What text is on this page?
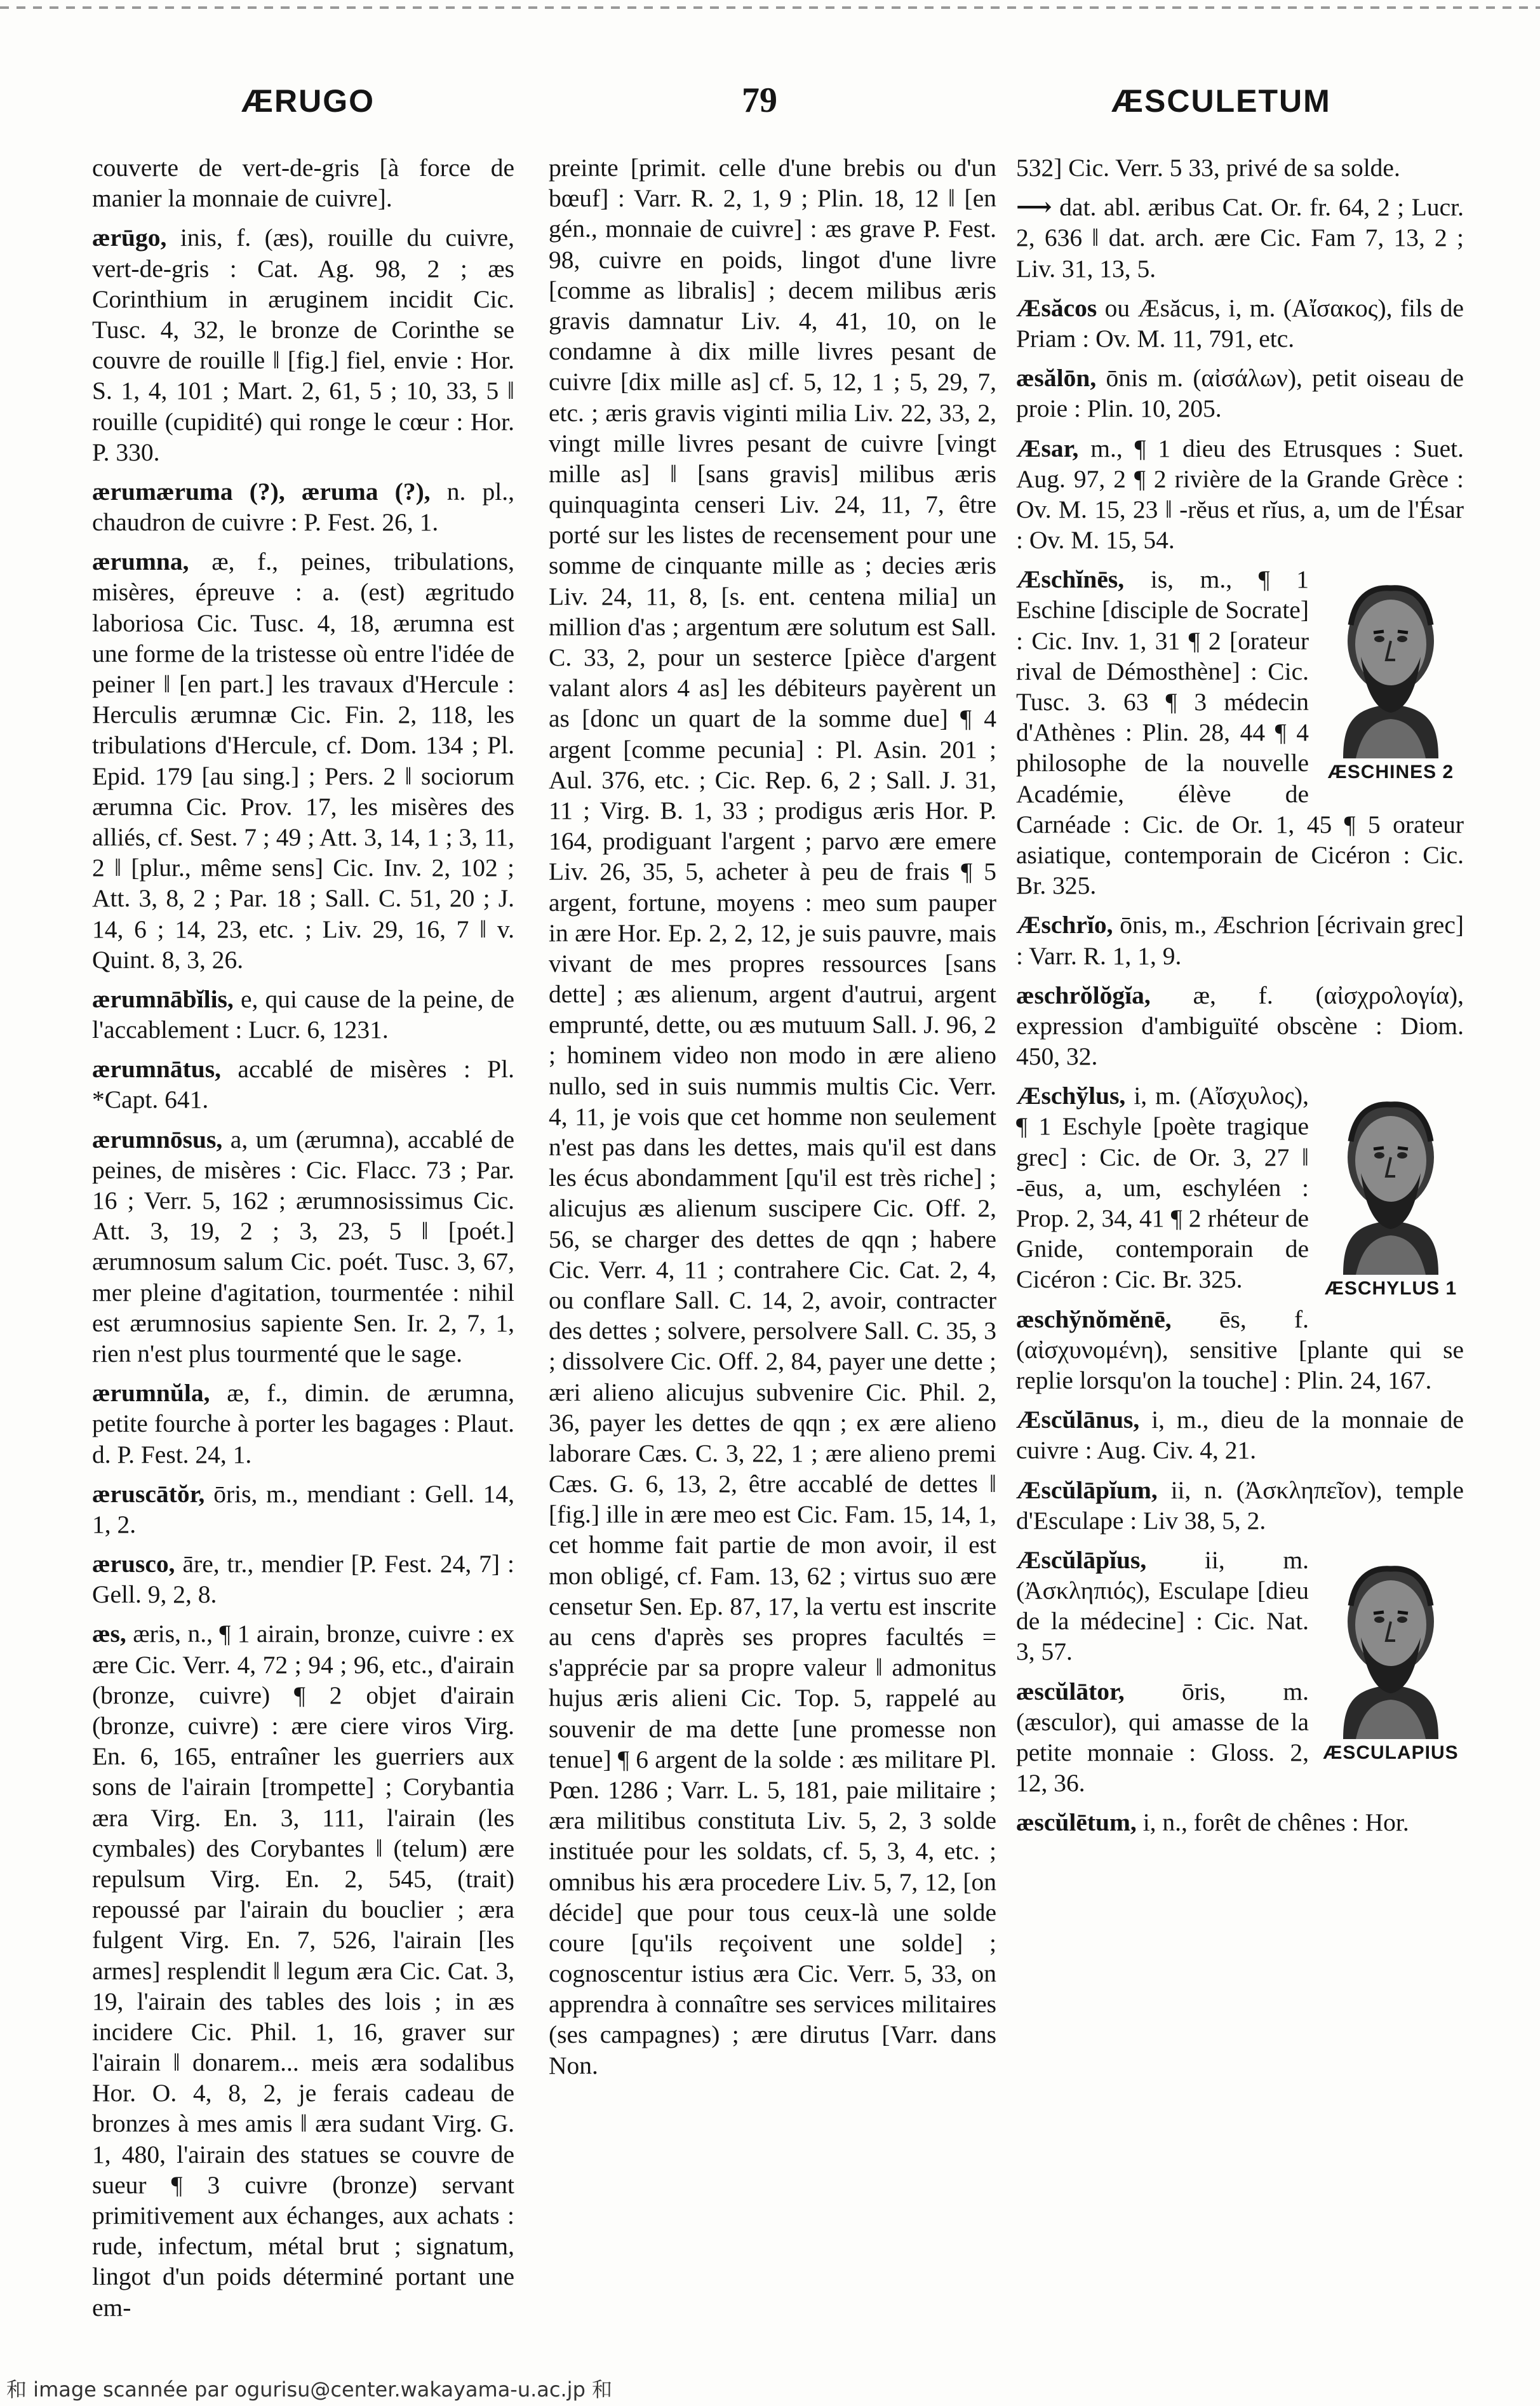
ÆRUGO	79	ÆSCULETUM

couverte de vert-de-gris [à force de manier la monnaie de cuivre].

ærūgo, inis, f. (æs), rouille du cuivre, vert-de-gris : Cat. Ag. 98, 2 ; æs Corinthium in æruginem incidit Cic. Tusc. 4, 32, le bronze de Corinthe se couvre de rouille ‖ [fig.] fiel, envie : Hor. S. 1, 4, 101 ; Mart. 2, 61, 5 ; 10, 33, 5 ‖ rouille (cupidité) qui ronge le cœur : Hor. P. 330.

ærumæruma (?), æruma (?), n. pl., chaudron de cuivre : P. Fest. 26, 1.

ærumna, æ, f., peines, tribulations, misères, épreuve : a. (est) ægritudo laboriosa Cic. Tusc. 4, 18, ærumna est une forme de la tristesse où entre l'idée de peiner ‖ [en part.] les travaux d'Hercule : Herculis ærumnæ Cic. Fin. 2, 118, les tribulations d'Hercule, cf. Dom. 134 ; Pl. Epid. 179 [au sing.] ; Pers. 2 ‖ sociorum ærumna Cic. Prov. 17, les misères des alliés, cf. Sest. 7 ; 49 ; Att. 3, 14, 1 ; 3, 11, 2 ‖ [plur., même sens] Cic. Inv. 2, 102 ; Att. 3, 8, 2 ; Par. 18 ; Sall. C. 51, 20 ; J. 14, 6 ; 14, 23, etc. ; Liv. 29, 16, 7 ‖ v. Quint. 8, 3, 26.

ærumnābĭlis, e, qui cause de la peine, de l'accablement : Lucr. 6, 1231.

ærumnātus, accablé de misères : Pl. *Capt. 641.

ærumnōsus, a, um (ærumna), accablé de peines, de misères : Cic. Flacc. 73 ; Par. 16 ; Verr. 5, 162 ; ærumnosissimus Cic. Att. 3, 19, 2 ; 3, 23, 5 ‖ [poét.] ærumnosum salum Cic. poét. Tusc. 3, 67, mer pleine d'agitation, tourmentée : nihil est ærumnosius sapiente Sen. Ir. 2, 7, 1, rien n'est plus tourmenté que le sage.

ærumnŭla, æ, f., dimin. de ærumna, petite fourche à porter les bagages : Plaut. d. P. Fest. 24, 1.

æruscātŏr, ōris, m., mendiant : Gell. 14, 1, 2.

ærusco, āre, tr., mendier [P. Fest. 24, 7] : Gell. 9, 2, 8.

æs, æris, n., ¶ 1 airain, bronze, cuivre : ex ære Cic. Verr. 4, 72 ; 94 ; 96, etc., d'airain (bronze, cuivre) ¶ 2 objet d'airain (bronze, cuivre) : ære ciere viros Virg. En. 6, 165, entraîner les guerriers aux sons de l'airain [trompette] ; Corybantia æra Virg. En. 3, 111, l'airain (les cymbales) des Corybantes ‖ (telum) ære repulsum Virg. En. 2, 545, (trait) repoussé par l'airain du bouclier ; æra fulgent Virg. En. 7, 526, l'airain [les armes] resplendit ‖ legum æra Cic. Cat. 3, 19, l'airain des tables des lois ; in æs inciderе Cic. Phil. 1, 16, graver sur l'airain ‖ donarem... meis æra sodalibus Hor. O. 4, 8, 2, je ferais cadeau de bronzes à mes amis ‖ æra sudant Virg. G. 1, 480, l'airain des statues se couvre de sueur ¶ 3 cuivre (bronze) servant primitivement aux échanges, aux achats : rude, infectum, métal brut ; signatum, lingot d'un poids déterminé portant une em-

preinte [primit. celle d'une brebis ou d'un bœuf] : Varr. R. 2, 1, 9 ; Plin. 18, 12 ‖ [en gén., monnaie de cuivre] : æs grave P. Fest. 98, cuivre en poids, lingot d'une livre [comme as libralis] ; decem milibus æris gravis damnatur Liv. 4, 41, 10, on le condamne à dix mille livres pesant de cuivre [dix mille as] cf. 5, 12, 1 ; 5, 29, 7, etc. ; æris gravis viginti milia Liv. 22, 33, 2, vingt mille livres pesant de cuivre [vingt mille as] ‖ [sans gravis] milibus æris quinquaginta censeri Liv. 24, 11, 7, être porté sur les listes de recensement pour une somme de cinquante mille as ; decies æris Liv. 24, 11, 8, [s. ent. centena milia] un million d'as ; argentum ære solutum est Sall. C. 33, 2, pour un sesterce [pièce d'argent valant alors 4 as] les débiteurs payèrent un as [donc un quart de la somme due] ¶ 4 argent [comme pecunia] : Pl. Asin. 201 ; Aul. 376, etc. ; Cic. Rep. 6, 2 ; Sall. J. 31, 11 ; Virg. B. 1, 33 ; prodigus æris Hor. P. 164, prodiguant l'argent ; parvo ære emere Liv. 26, 35, 5, acheter à peu de frais ¶ 5 argent, fortune, moyens : meo sum pauper in ære Hor. Ep. 2, 2, 12, je suis pauvre, mais vivant de mes propres ressources [sans dette] ; æs alienum, argent d'autrui, argent emprunté, dette, ou æs mutuum Sall. J. 96, 2 ; hominem video non modo in ære alieno nullo, sed in suis nummis multis Cic. Verr. 4, 11, je vois que cet homme non seulement n'est pas dans les dettes, mais qu'il est dans les écus abondamment [qu'il est très riche] ; alicujus æs alienum suscipere Cic. Off. 2, 56, se charger des dettes de qqn ; habere Cic. Verr. 4, 11 ; contrahere Cic. Cat. 2, 4, ou conflare Sall. C. 14, 2, avoir, contracter des dettes ; solvere, persolvere Sall. C. 35, 3 ; dissolvere Cic. Off. 2, 84, payer une dette ; æri alieno alicujus subvenire Cic. Phil. 2, 36, payer les dettes de qqn ; ex ære alieno laborare Cæs. C. 3, 22, 1 ; ære alieno premi Cæs. G. 6, 13, 2, être accablé de dettes ‖ [fig.] ille in ære meo est Cic. Fam. 15, 14, 1, cet homme fait partie de mon avoir, il est mon obligé, cf. Fam. 13, 62 ; virtus suo ære censetur Sen. Ep. 87, 17, la vertu est inscrite au cens d'après ses propres facultés = s'apprécie par sa propre valeur ‖ admonitus hujus æris alieni Cic. Top. 5, rappelé au souvenir de ma dette [une promesse non tenue] ¶ 6 argent de la solde : æs militare Pl. Pœn. 1286 ; Varr. L. 5, 181, paie militaire ; æra militibus constituta Liv. 5, 2, 3 solde instituée pour les soldats, cf. 5, 3, 4, etc. ; omnibus his æra procedere Liv. 5, 7, 12, [on décide] que pour tous ceux-là une solde coure [qu'ils reçoivent une solde] ; cognoscentur istius æra Cic. Verr. 5, 33, on apprendra à connaître ses services militaires (ses campagnes) ; ære dirutus [Varr. dans Non.

532] Cic. Verr. 5 33, privé de sa solde.

⟶ dat. abl. æribus Cat. Or. fr. 64, 2 ; Lucr. 2, 636 ‖ dat. arch. ære Cic. Fam 7, 13, 2 ; Liv. 31, 13, 5.

Æsăcos ou Æsăcus, i, m. (Αἴσακος), fils de Priam : Ov. M. 11, 791, etc.

æsălōn, ōnis m. (αἰσάλων), petit oiseau de proie : Plin. 10, 205.

Æsar, m., ¶ 1 dieu des Etrusques : Suet. Aug. 97, 2 ¶ 2 rivière de la Grande Grèce : Ov. M. 15, 23 ‖ -rĕus et rĭus, a, um de l'Ésar : Ov. M. 15, 54.

ÆSCHINES 2
Æschĭnēs, is, m., ¶ 1 Eschine [disciple de Socrate] : Cic. Inv. 1, 31 ¶ 2 [orateur rival de Démosthène] : Cic. Tusc. 3. 63 ¶ 3 médecin d'Athènes : Plin. 28, 44 ¶ 4 philosophe de la nouvelle Académie, élève de Carnéade : Cic. de Or. 1, 45 ¶ 5 orateur asiatique, contemporain de Cicéron : Cic. Br. 325.

Æschrĭo, ōnis, m., Æschrion [écrivain grec] : Varr. R. 1, 1, 9.

æschrŏlŏgĭa, æ, f. (αἰσχρολογία), expression d'ambiguïté obscène : Diom. 450, 32.

ÆSCHYLUS 1
Æschўlus, i, m. (Αἴσχυλος), ¶ 1 Eschyle [poète tragique grec] : Cic. de Or. 3, 27 ‖ -ēus, a, um, eschyléen : Prop. 2, 34, 41 ¶ 2 rhéteur de Gnide, contemporain de Cicéron : Cic. Br. 325.

æschўnŏmĕnē, ēs, f. (αἰσχυνομένη), sensitive [plante qui se replie lorsqu'on la touche] : Plin. 24, 167.

Æscŭlānus, i, m., dieu de la monnaie de cuivre : Aug. Civ. 4, 21.

Æscŭlāpĭum, ii, n. (Ἀσκληπεῖον), temple d'Esculape : Liv 38, 5, 2.

ÆSCULAPIUS
Æscŭlāpĭus, ii, m. (Ἀσκληπιός), Esculape [dieu de la médecine] : Cic. Nat. 3, 57.

æscŭlātor, ōris, m. (æsculor), qui amasse de la petite monnaie : Gloss. 2, 12, 36.

æscŭlētum, i, n., forêt de chênes : Hor.

和 image scannée par ogurisu@center.wakayama-u.ac.jp 和
